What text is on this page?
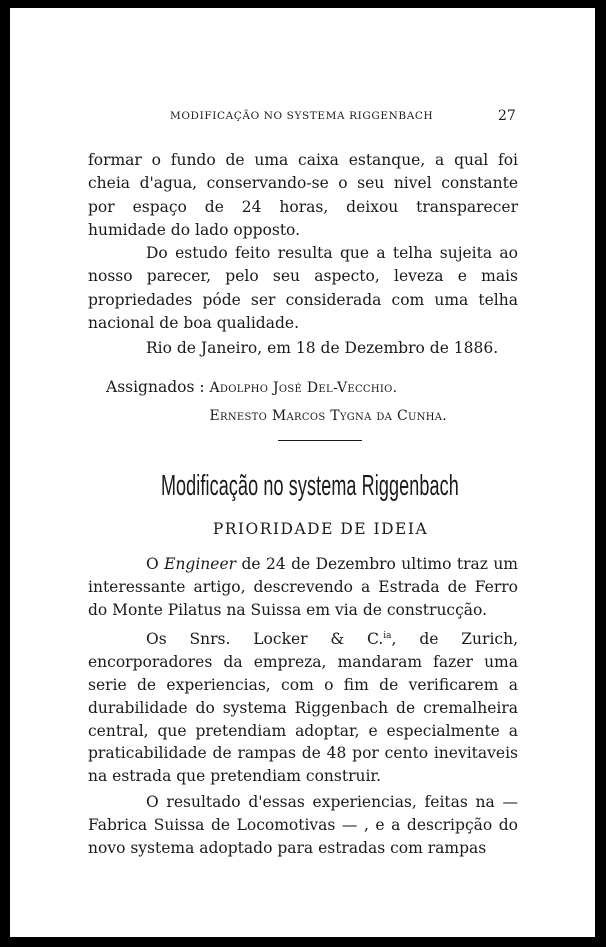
MODIFICAÇÃO NO SYSTEMA RIGGENBACH	27

formar o fundo de uma caixa estanque, a qual foi cheia d'agua, conservando-se o seu nivel constante por espaço de 24 horas, deixou transparecer humidade do lado opposto.

Do estudo feito resulta que a telha sujeita ao nosso parecer, pelo seu aspecto, leveza e mais propriedades póde ser considerada com uma telha nacional de boa qualidade.

Rio de Janeiro, em 18 de Dezembro de 1886.

Assignados : Adolpho José Del-Vecchio.
Ernesto Marcos Tygna da Cunha.
Modificação no systema Riggenbach
PRIORIDADE DE IDEIA

O Engineer de 24 de Dezembro ultimo traz um interessante artigo, descrevendo a Estrada de Ferro do Monte Pilatus na Suissa em via de construcção.

Os Snrs. Locker & C.$^{ia}$, de Zurich, encorporadores da empreza, mandaram fazer uma serie de experiencias, com o fim de verificarem a durabilidade do systema Riggenbach de cremalheira central, que pretendiam adoptar, e especialmente a praticabilidade de rampas de 48 por cento inevitaveis na estrada que pretendiam construir.

O resultado d'essas experiencias, feitas na — Fabrica Suissa de Locomotivas — , e a descripção do novo systema adoptado para estradas com rampas
